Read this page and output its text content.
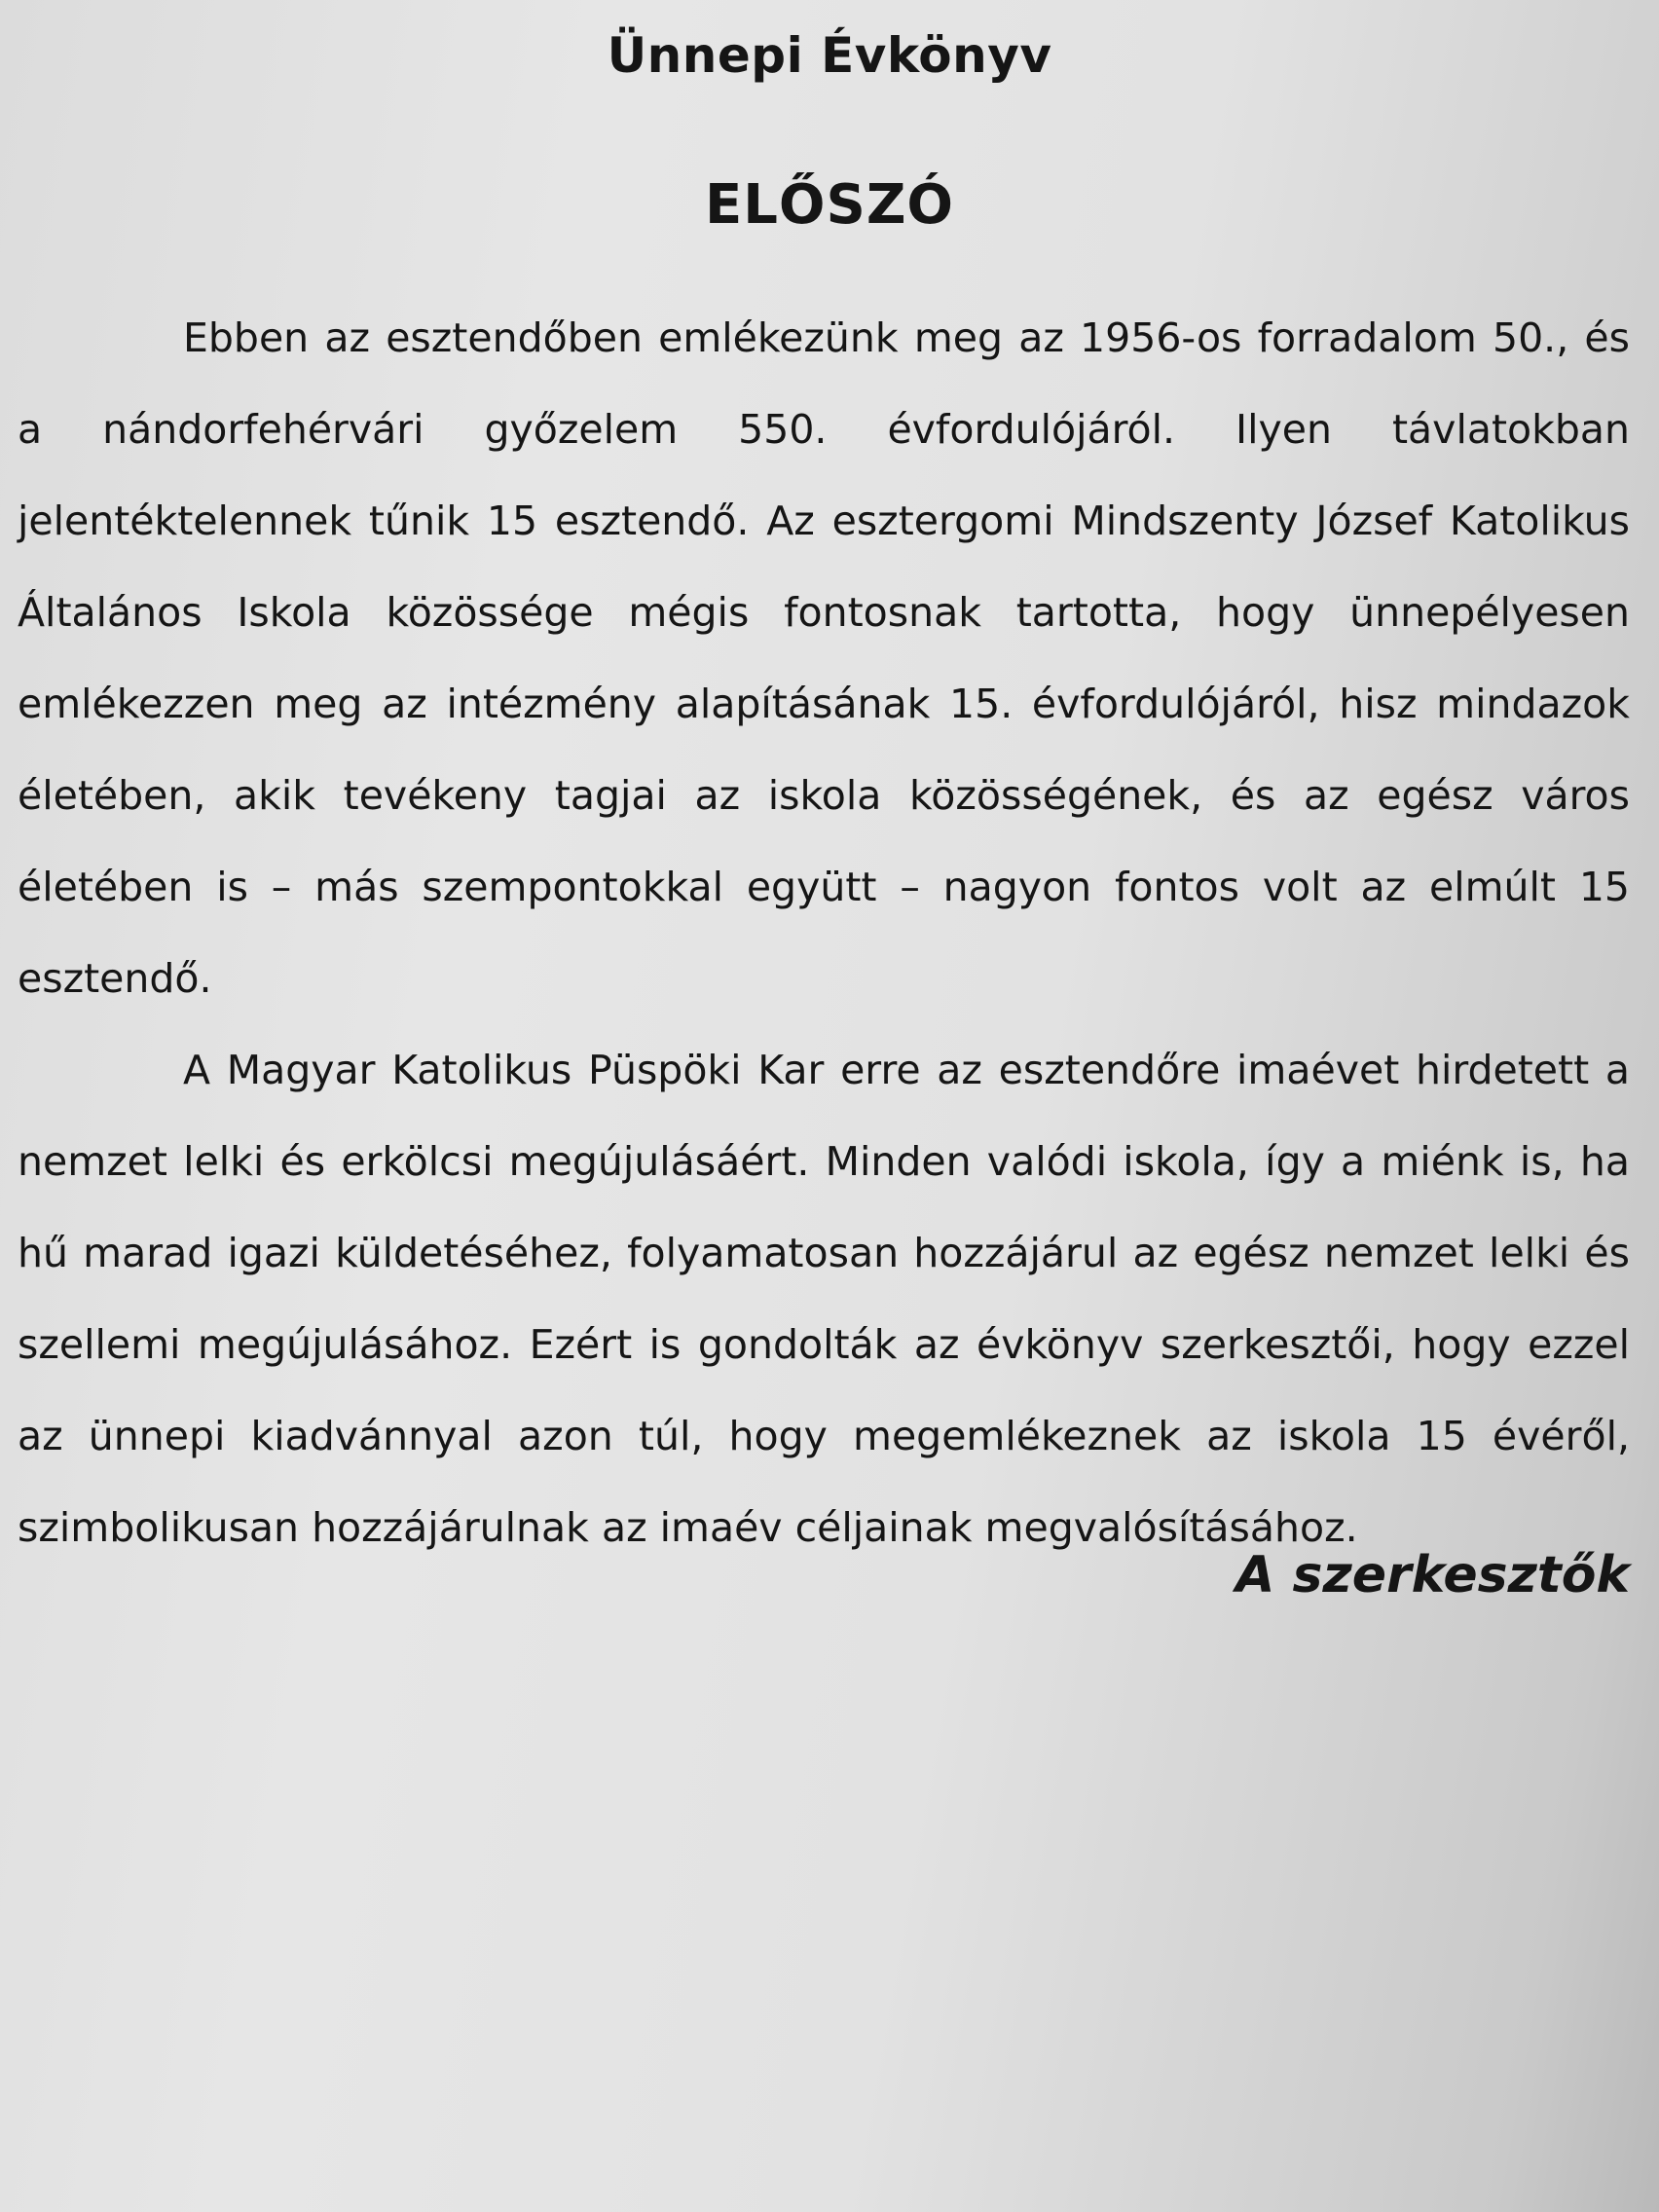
Ünnepi Évkönyv
ELŐSZÓ

Ebben az esztendőben emlékezünk meg az 1956-os forradalom 50., és a nándorfehérvári győzelem 550. évfordulójáról. Ilyen távlatokban jelentéktelennek tűnik 15 esztendő. Az esztergomi Mindszenty József Katolikus Általános Iskola közössége mégis fontosnak tartotta, hogy ünnepélyesen emlékezzen meg az intézmény alapításának 15. évfordulójáról, hisz mindazok életében, akik tevékeny tagjai az iskola közösségének, és az egész város életében is – más szempontokkal együtt – nagyon fontos volt az elmúlt 15 esztendő.

A Magyar Katolikus Püspöki Kar erre az esztendőre imaévet hirdetett a nemzet lelki és erkölcsi megújulásáért. Minden valódi iskola, így a miénk is, ha hű marad igazi küldetéséhez, folyamatosan hozzájárul az egész nemzet lelki és szellemi megújulásához. Ezért is gondolták az évkönyv szerkesztői, hogy ezzel az ünnepi kiadvánnyal azon túl, hogy megemlékeznek az iskola 15 évéről, szimbolikusan hozzájárulnak az imaév céljainak megvalósításához.

A szerkesztők
